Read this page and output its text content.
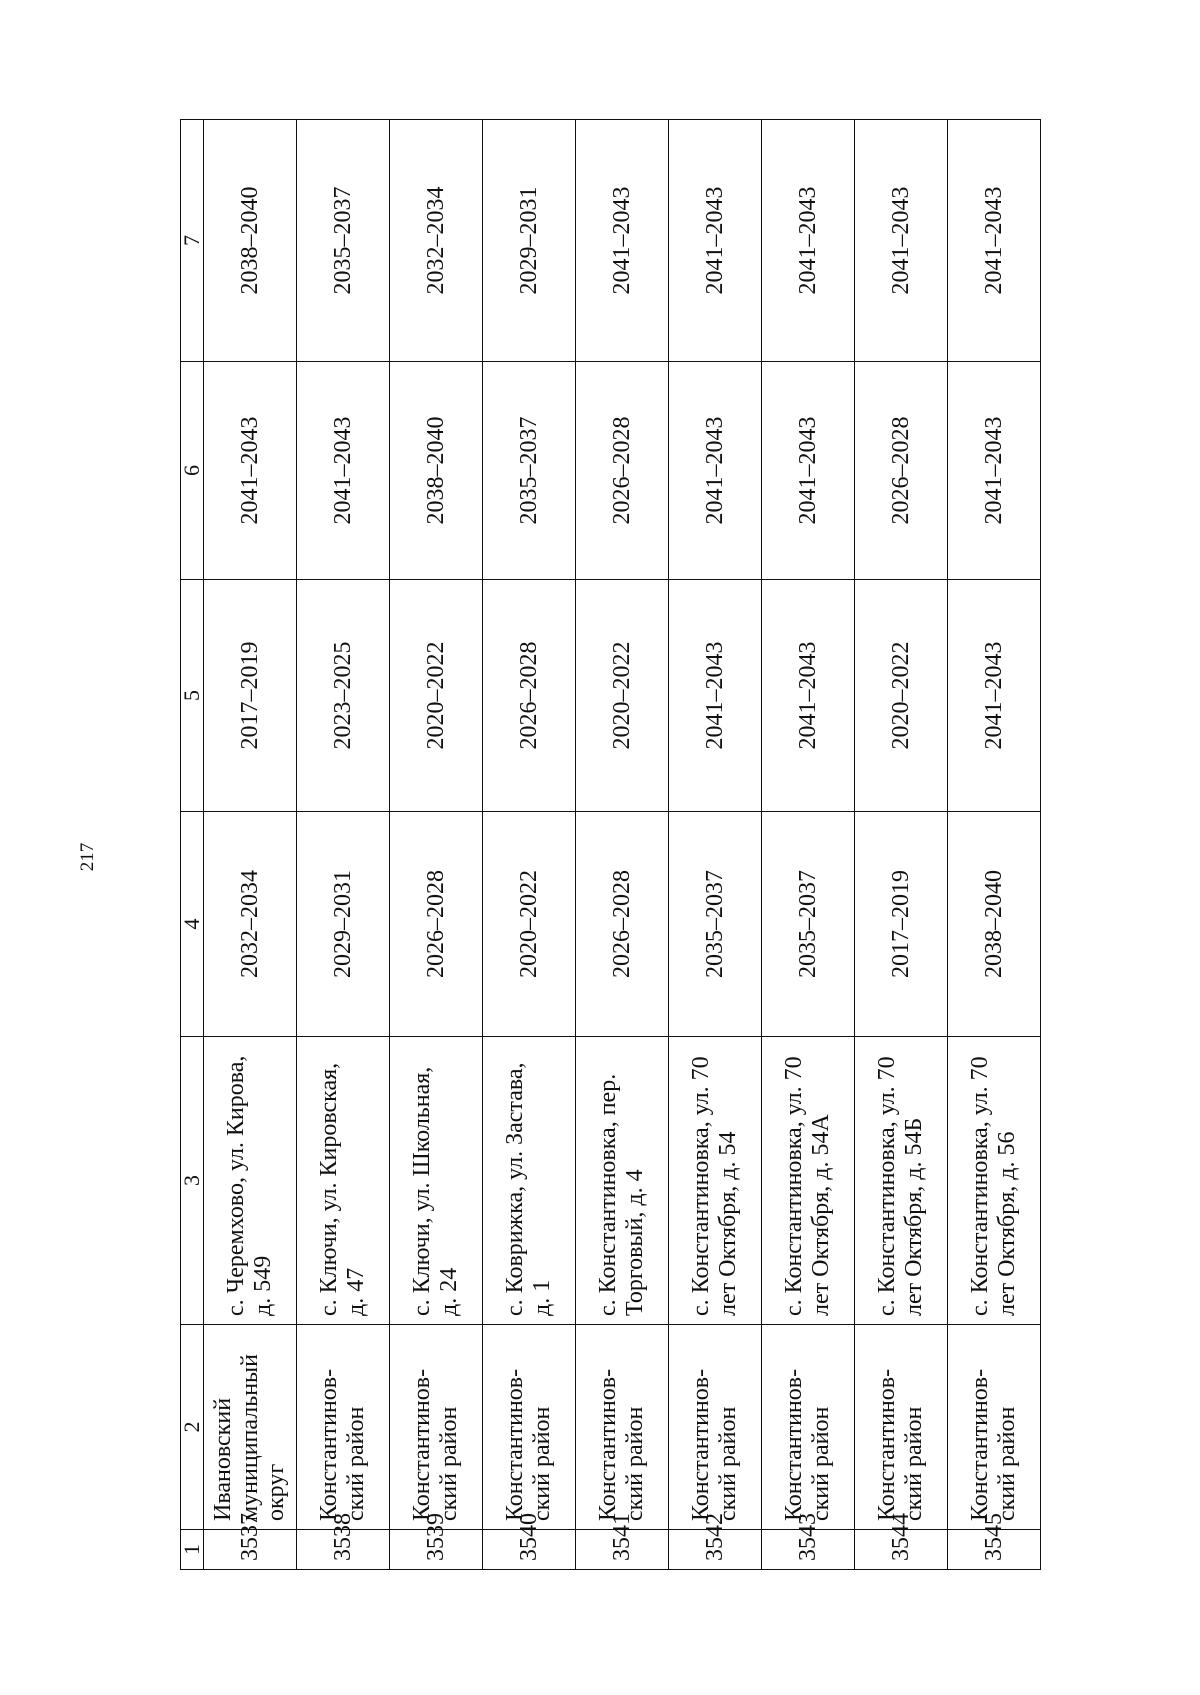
217
1	2	3	4	5	6	7
3537	Ивановский муниципальный округ	с. Черемхово, ул. Кирова, д. 549	2032–2034	2017–2019	2041–2043	2038–2040
3538	Константинов-ский район	с. Ключи, ул. Кировская, д. 47	2029–2031	2023–2025	2041–2043	2035–2037
3539	Константинов-ский район	с. Ключи, ул. Школьная, д. 24	2026–2028	2020–2022	2038–2040	2032–2034
3540	Константинов-ский район	с. Коврижка, ул. Застава, д. 1	2020–2022	2026–2028	2035–2037	2029–2031
3541	Константинов-ский район	с. Константиновка, пер. Торговый, д. 4	2026–2028	2020–2022	2026–2028	2041–2043
3542	Константинов-ский район	с. Константиновка, ул. 70 лет Октября, д. 54	2035–2037	2041–2043	2041–2043	2041–2043
3543	Константинов-ский район	с. Константиновка, ул. 70 лет Октября, д. 54А	2035–2037	2041–2043	2041–2043	2041–2043
3544	Константинов-ский район	с. Константиновка, ул. 70 лет Октября, д. 54Б	2017–2019	2020–2022	2026–2028	2041–2043
3545	Константинов-ский район	с. Константиновка, ул. 70 лет Октября, д. 56	2038–2040	2041–2043	2041–2043	2041–2043
